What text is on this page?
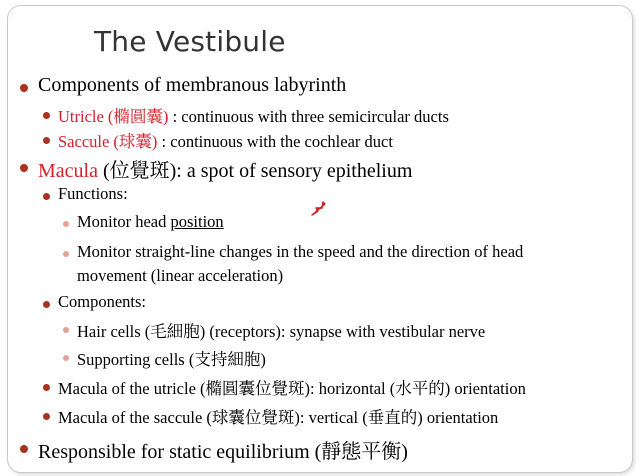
The Vestibule
Components of membranous labyrinth
Utricle (橢圓囊) : continuous with three semicircular ducts
Saccule (球囊) : continuous with the cochlear duct
Macula (位覺斑): a spot of sensory epithelium
Functions:
Monitor head position
Monitor straight-line changes in the speed and the direction of head
movement (linear acceleration)
Components:
Hair cells (毛細胞) (receptors): synapse with vestibular nerve
Supporting cells (支持細胞)
Macula of the utricle (橢圓囊位覺斑): horizontal (水平的) orientation
Macula of the saccule (球囊位覺斑): vertical (垂直的) orientation
Responsible for static equilibrium (靜態平衡)
